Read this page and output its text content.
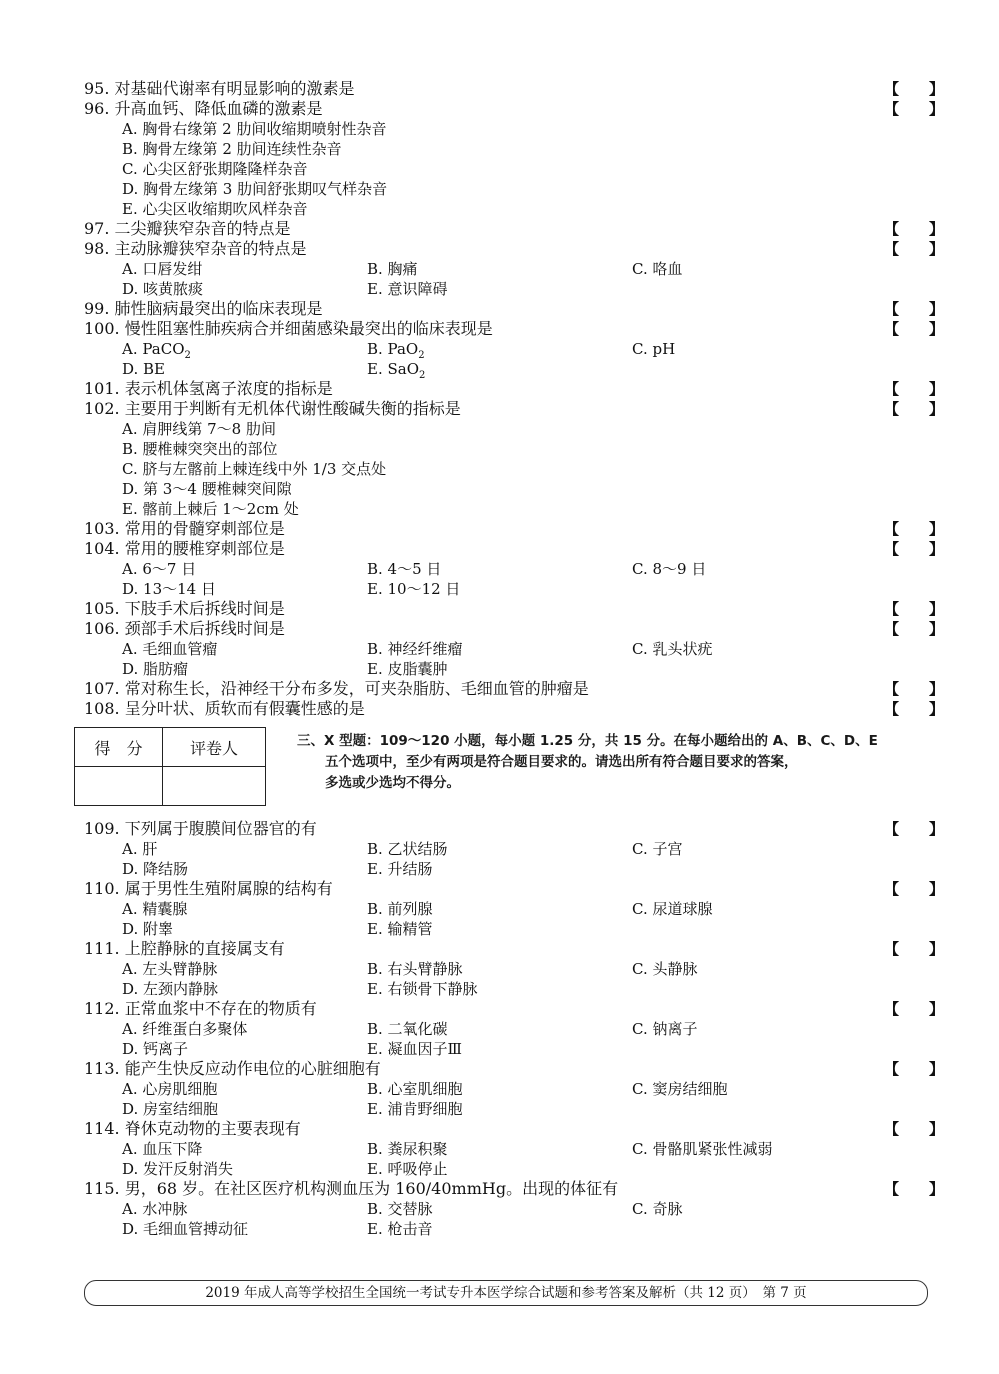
95. 对基础代谢率有明显影响的激素是	【 】
96. 升高血钙、降低血磷的激素是	【 】
A. 胸骨右缘第 2 肋间收缩期喷射性杂音
B. 胸骨左缘第 2 肋间连续性杂音
C. 心尖区舒张期隆隆样杂音
D. 胸骨左缘第 3 肋间舒张期叹气样杂音
E. 心尖区收缩期吹风样杂音
97. 二尖瓣狭窄杂音的特点是	【 】
98. 主动脉瓣狭窄杂音的特点是	【 】
A. 口唇发绀	B. 胸痛	C. 咯血
D. 咳黄脓痰	E. 意识障碍
99. 肺性脑病最突出的临床表现是	【 】
100. 慢性阻塞性肺疾病合并细菌感染最突出的临床表现是	【 】
A. PaCO$_2$	B. PaO$_2$	C. pH
D. BE	E. SaO$_2$
101. 表示机体氢离子浓度的指标是	【 】
102. 主要用于判断有无机体代谢性酸碱失衡的指标是	【 】
A. 肩胛线第 7～8 肋间
B. 腰椎棘突突出的部位
C. 脐与左髂前上棘连线中外 1/3 交点处
D. 第 3～4 腰椎棘突间隙
E. 髂前上棘后 1～2cm 处
103. 常用的骨髓穿刺部位是	【 】
104. 常用的腰椎穿刺部位是	【 】
A. 6～7 日	B. 4～5 日	C. 8～9 日
D. 13～14 日	E. 10～12 日
105. 下肢手术后拆线时间是	【 】
106. 颈部手术后拆线时间是	【 】
A. 毛细血管瘤	B. 神经纤维瘤	C. 乳头状疣
D. 脂肪瘤	E. 皮脂囊肿
107. 常对称生长，沿神经干分布多发，可夹杂脂肪、毛细血管的肿瘤是	【 】
108. 呈分叶状、质软而有假囊性感的是	【 】
得　分	评卷人
		三、X 型题：109～120 小题，每小题 1.25 分，共 15 分。在每小题给出的 A、B、C、D、E
五个选项中，至少有两项是符合题目要求的。请选出所有符合题目要求的答案，
多选或少选均不得分。
109. 下列属于腹膜间位器官的有	【 】
A. 肝	B. 乙状结肠	C. 子宫
D. 降结肠	E. 升结肠
110. 属于男性生殖附属腺的结构有	【 】
A. 精囊腺	B. 前列腺	C. 尿道球腺
D. 附睾	E. 输精管
111. 上腔静脉的直接属支有	【 】
A. 左头臂静脉	B. 右头臂静脉	C. 头静脉
D. 左颈内静脉	E. 右锁骨下静脉
112. 正常血浆中不存在的物质有	【 】
A. 纤维蛋白多聚体	B. 二氧化碳	C. 钠离子
D. 钙离子	E. 凝血因子Ⅲ
113. 能产生快反应动作电位的心脏细胞有	【 】
A. 心房肌细胞	B. 心室肌细胞	C. 窦房结细胞
D. 房室结细胞	E. 浦肯野细胞
114. 脊休克动物的主要表现有	【 】
A. 血压下降	B. 粪尿积聚	C. 骨骼肌紧张性减弱
D. 发汗反射消失	E. 呼吸停止
115. 男，68 岁。在社区医疗机构测血压为 160/40mmHg。出现的体征有	【 】
A. 水冲脉	B. 交替脉	C. 奇脉
D. 毛细血管搏动征	E. 枪击音
2019 年成人高等学校招生全国统一考试专升本医学综合试题和参考答案及解析（共 12 页）　第 7 页
